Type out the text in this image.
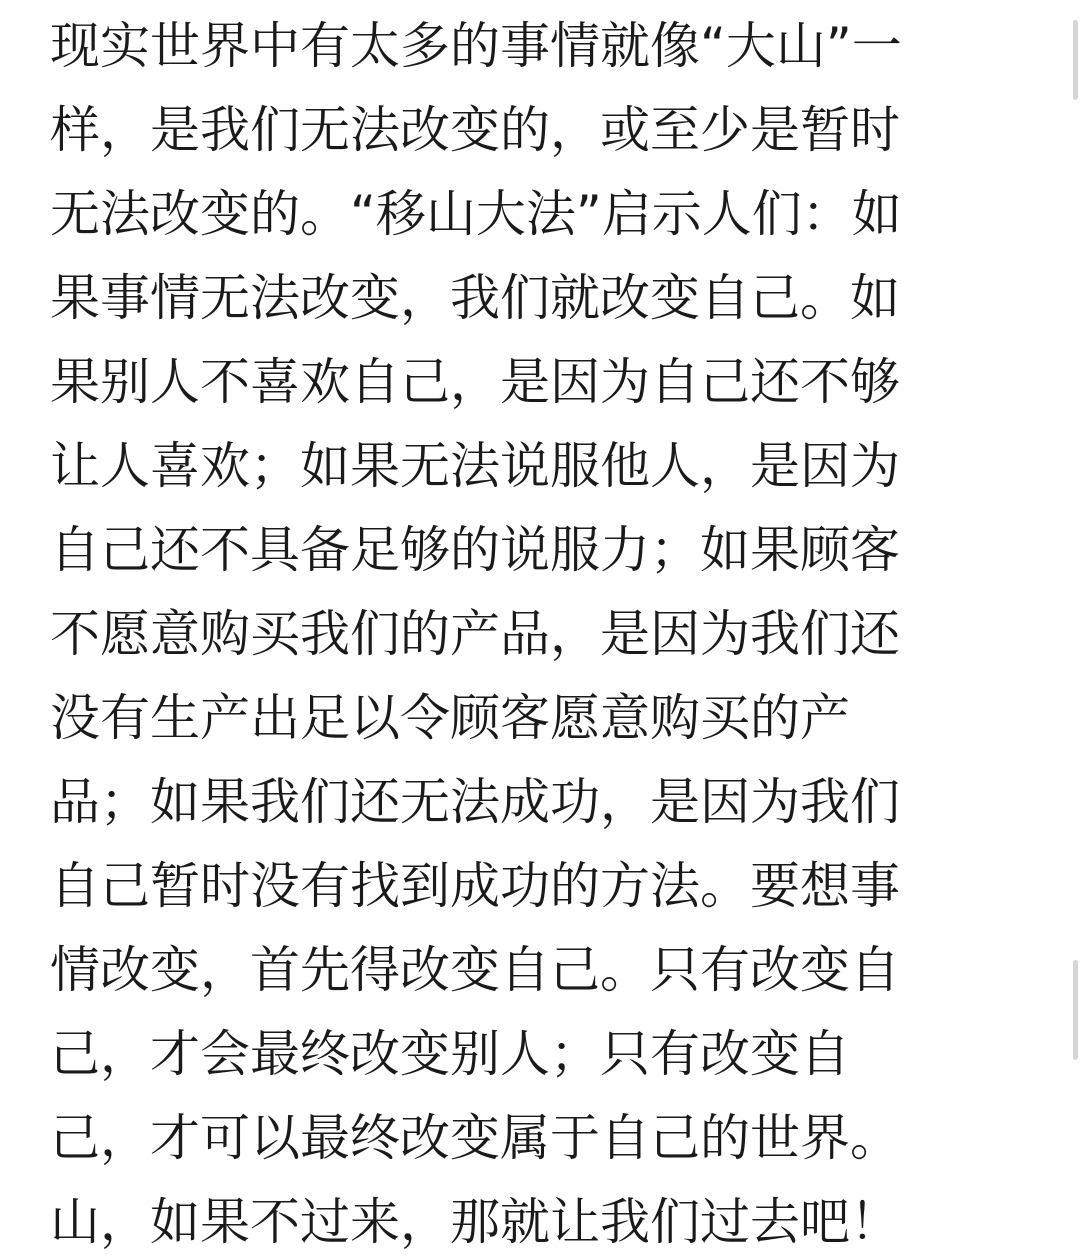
现实世界中有太多的事情就像“大山”一
样，是我们无法改变的，或至少是暂时
无法改变的。“移山大法”启示人们：如
果事情无法改变，我们就改变自己。如
果别人不喜欢自己，是因为自己还不够
让人喜欢；如果无法说服他人，是因为
自己还不具备足够的说服力；如果顾客
不愿意购买我们的产品，是因为我们还
没有生产出足以令顾客愿意购买的产
品；如果我们还无法成功，是因为我们
自己暂时没有找到成功的方法。要想事
情改变，首先得改变自己。只有改变自
己，才会最终改变别人；只有改变自
己，才可以最终改变属于自己的世界。
山，如果不过来，那就让我们过去吧！
